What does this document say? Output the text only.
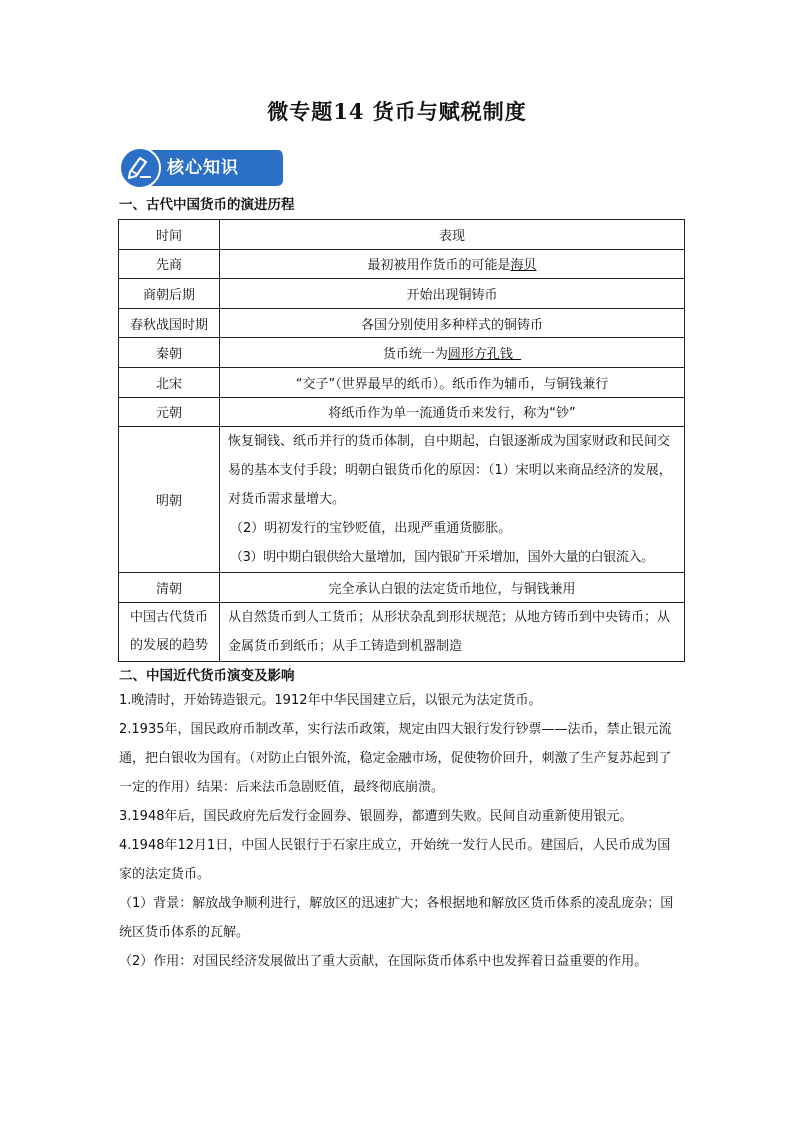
微专题14 货币与赋税制度
核心知识
一、古代中国货币的演进历程
时间	表现
先商	最初被用作货币的可能是海贝
商朝后期	开始出现铜铸币
春秋战国时期	各国分别使用多种样式的铜铸币
秦朝	货币统一为圆形方孔钱
北宋	“交子”（世界最早的纸币）。纸币作为辅币，与铜钱兼行
元朝	将纸币作为单一流通货币来发行，称为“钞”
明朝	恢复铜钱、纸币并行的货币体制，自中期起，白银逐渐成为国家财政和民间交易的基本支付手段；明朝白银货币化的原因：（1）宋明以来商品经济的发展，对货币需求量增大。

（2）明初发行的宝钞贬值，出现严重通货膨胀。

（3）明中期白银供给大量增加，国内银矿开采增加，国外大量的白银流入。

清朝	完全承认白银的法定货币地位，与铜钱兼用
中国古代货币的发展的趋势	从自然货币到人工货币；从形状杂乱到形状规范；从地方铸币到中央铸币；从金属货币到纸币；从手工铸造到机器制造
二、中国近代货币演变及影响

1.晚清时，开始铸造银元。1912年中华民国建立后，以银元为法定货币。

2.1935年，国民政府币制改革，实行法币政策，规定由四大银行发行钞票——法币，禁止银元流通，把白银收为国有。（对防止白银外流，稳定金融市场，促使物价回升，刺激了生产复苏起到了一定的作用）结果：后来法币急剧贬值，最终彻底崩溃。

3.1948年后，国民政府先后发行金圆券、银圆券，都遭到失败。民间自动重新使用银元。

4.1948年12月1日，中国人民银行于石家庄成立，开始统一发行人民币。建国后，人民币成为国家的法定货币。

（1）背景：解放战争顺利进行，解放区的迅速扩大；各根据地和解放区货币体系的凌乱庞杂；国统区货币体系的瓦解。

（2）作用：对国民经济发展做出了重大贡献，在国际货币体系中也发挥着日益重要的作用。
